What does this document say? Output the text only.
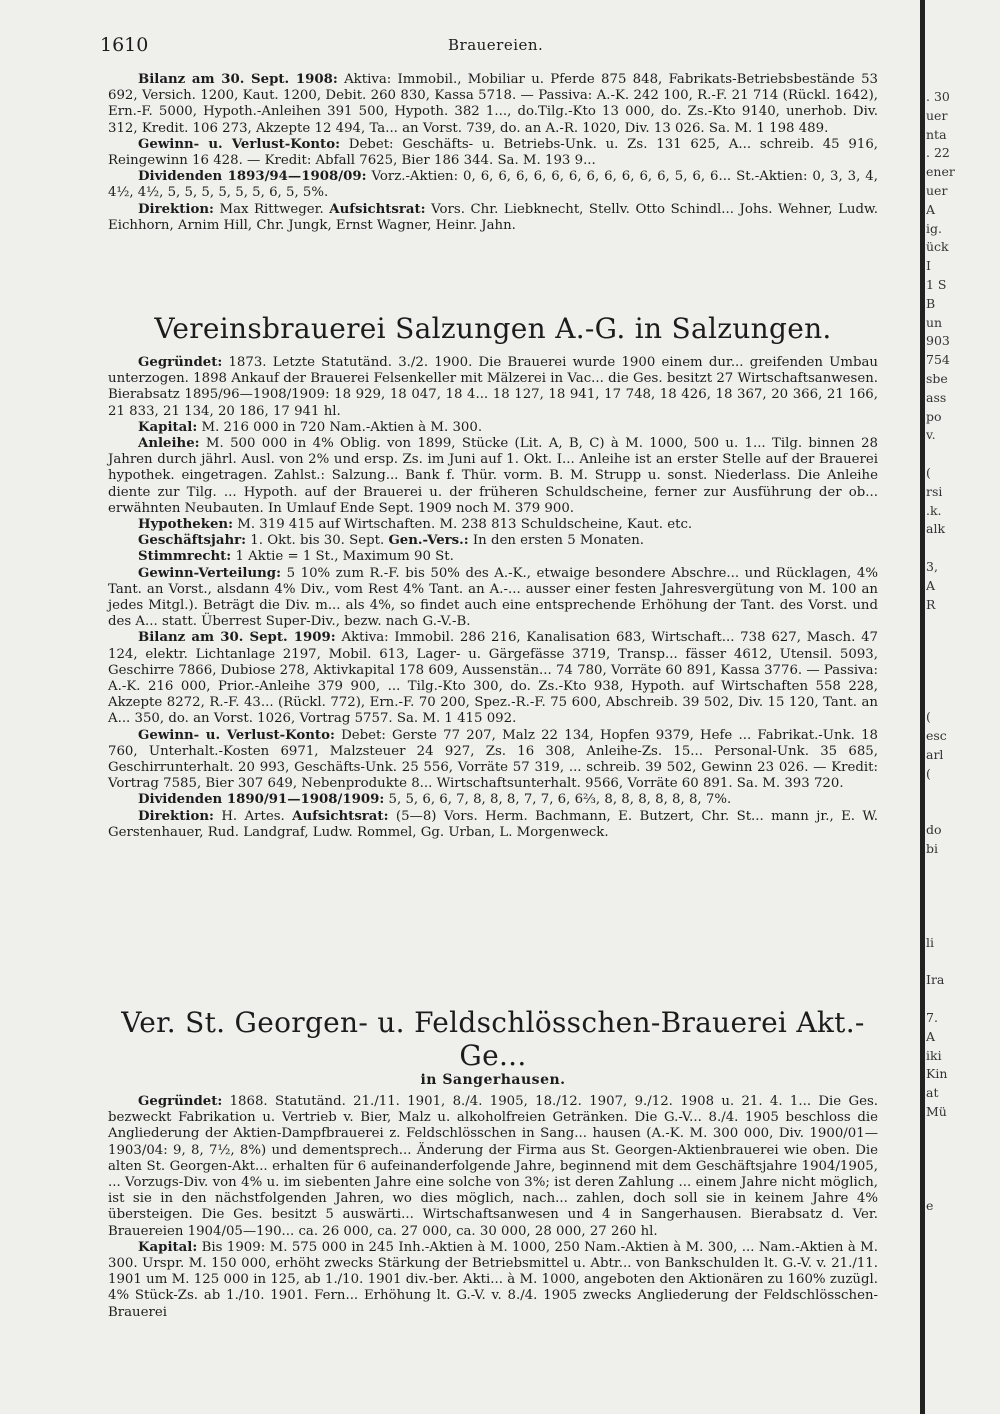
1610	Brauereien.

Bilanz am 30. Sept. 1908: Aktiva: Immobil., Mobiliar u. Pferde 875 848, Fabrikats-Betriebsbestände 53 692, Versich. 1200, Kaut. 1200, Debit. 260 830, Kassa 5718. — Passiva: A.-K. 242 100, R.-F. 21 714 (Rückl. 1642), Ern.-F. 5000, Hypoth.-Anleihen 391 500, Hypoth. 382 1..., do.Tilg.-Kto 13 000, do. Zs.-Kto 9140, unerhob. Div. 312, Kredit. 106 273, Akzepte 12 494, Ta... an Vorst. 739, do. an A.-R. 1020, Div. 13 026. Sa. M. 1 198 489.

Gewinn- u. Verlust-Konto: Debet: Geschäfts- u. Betriebs-Unk. u. Zs. 131 625, A... schreib. 45 916, Reingewinn 16 428. — Kredit: Abfall 7625, Bier 186 344. Sa. M. 193 9...

Dividenden 1893/94—1908/09: Vorz.-Aktien: 0, 6, 6, 6, 6, 6, 6, 6, 6, 6, 6, 6, 5, 6, 6... St.-Aktien: 0, 3, 3, 4, 4½, 4½, 5, 5, 5, 5, 5, 5, 6, 5, 5%.

Direktion: Max Rittweger. Aufsichtsrat: Vors. Chr. Liebknecht, Stellv. Otto Schindl... Johs. Wehner, Ludw. Eichhorn, Arnim Hill, Chr. Jungk, Ernst Wagner, Heinr. Jahn.

Vereinsbrauerei Salzungen A.-G. in Salzungen.

Gegründet: 1873. Letzte Statutänd. 3./2. 1900. Die Brauerei wurde 1900 einem dur... greifenden Umbau unterzogen. 1898 Ankauf der Brauerei Felsenkeller mit Mälzerei in Vac... die Ges. besitzt 27 Wirtschaftsanwesen. Bierabsatz 1895/96—1908/1909: 18 929, 18 047, 18 4... 18 127, 18 941, 17 748, 18 426, 18 367, 20 366, 21 166, 21 833, 21 134, 20 186, 17 941 hl.

Kapital: M. 216 000 in 720 Nam.-Aktien à M. 300.

Anleihe: M. 500 000 in 4% Oblig. von 1899, Stücke (Lit. A, B, C) à M. 1000, 500 u. 1... Tilg. binnen 28 Jahren durch jährl. Ausl. von 2% und ersp. Zs. im Juni auf 1. Okt. I... Anleihe ist an erster Stelle auf der Brauerei hypothek. eingetragen. Zahlst.: Salzung... Bank f. Thür. vorm. B. M. Strupp u. sonst. Niederlass. Die Anleihe diente zur Tilg. ... Hypoth. auf der Brauerei u. der früheren Schuldscheine, ferner zur Ausführung der ob... erwähnten Neubauten. In Umlauf Ende Sept. 1909 noch M. 379 900.

Hypotheken: M. 319 415 auf Wirtschaften. M. 238 813 Schuldscheine, Kaut. etc.

Geschäftsjahr: 1. Okt. bis 30. Sept. Gen.-Vers.: In den ersten 5 Monaten.

Stimmrecht: 1 Aktie = 1 St., Maximum 90 St.

Gewinn-Verteilung: 5 10% zum R.-F. bis 50% des A.-K., etwaige besondere Abschre... und Rücklagen, 4% Tant. an Vorst., alsdann 4% Div., vom Rest 4% Tant. an A.-... ausser einer festen Jahresvergütung von M. 100 an jedes Mitgl.). Beträgt die Div. m... als 4%, so findet auch eine entsprechende Erhöhung der Tant. des Vorst. und des A... statt. Überrest Super-Div., bezw. nach G.-V.-B.

Bilanz am 30. Sept. 1909: Aktiva: Immobil. 286 216, Kanalisation 683, Wirtschaft... 738 627, Masch. 47 124, elektr. Lichtanlage 2197, Mobil. 613, Lager- u. Gärgefässe 3719, Transp... fässer 4612, Utensil. 5093, Geschirre 7866, Dubiose 278, Aktivkapital 178 609, Aussenstän... 74 780, Vorräte 60 891, Kassa 3776. — Passiva: A.-K. 216 000, Prior.-Anleihe 379 900, ... Tilg.-Kto 300, do. Zs.-Kto 938, Hypoth. auf Wirtschaften 558 228, Akzepte 8272, R.-F. 43... (Rückl. 772), Ern.-F. 70 200, Spez.-R.-F. 75 600, Abschreib. 39 502, Div. 15 120, Tant. an A... 350, do. an Vorst. 1026, Vortrag 5757. Sa. M. 1 415 092.

Gewinn- u. Verlust-Konto: Debet: Gerste 77 207, Malz 22 134, Hopfen 9379, Hefe ... Fabrikat.-Unk. 18 760, Unterhalt.-Kosten 6971, Malzsteuer 24 927, Zs. 16 308, Anleihe-Zs. 15... Personal-Unk. 35 685, Geschirrunterhalt. 20 993, Geschäfts-Unk. 25 556, Vorräte 57 319, ... schreib. 39 502, Gewinn 23 026. — Kredit: Vortrag 7585, Bier 307 649, Nebenprodukte 8... Wirtschaftsunterhalt. 9566, Vorräte 60 891. Sa. M. 393 720.

Dividenden 1890/91—1908/1909: 5, 5, 6, 6, 7, 8, 8, 8, 7, 7, 6, 6⅔, 8, 8, 8, 8, 8, 8, 7%.

Direktion: H. Artes. Aufsichtsrat: (5—8) Vors. Herm. Bachmann, E. Butzert, Chr. St... mann jr., E. W. Gerstenhauer, Rud. Landgraf, Ludw. Rommel, Gg. Urban, L. Morgenweck.

Ver. St. Georgen- u. Feldschlösschen-Brauerei Akt.-Ge...
in Sangerhausen.

Gegründet: 1868. Statutänd. 21./11. 1901, 8./4. 1905, 18./12. 1907, 9./12. 1908 u. 21. 4. 1... Die Ges. bezweckt Fabrikation u. Vertrieb v. Bier, Malz u. alkoholfreien Getränken. Die G.-V... 8./4. 1905 beschloss die Angliederung der Aktien-Dampfbrauerei z. Feldschlösschen in Sang... hausen (A.-K. M. 300 000, Div. 1900/01—1903/04: 9, 8, 7½, 8%) und dementsprech... Änderung der Firma aus St. Georgen-Aktienbrauerei wie oben. Die alten St. Georgen-Akt... erhalten für 6 aufeinanderfolgende Jahre, beginnend mit dem Geschäftsjahre 1904/1905, ... Vorzugs-Div. von 4% u. im siebenten Jahre eine solche von 3%; ist deren Zahlung ... einem Jahre nicht möglich, ist sie in den nächstfolgenden Jahren, wo dies möglich, nach... zahlen, doch soll sie in keinem Jahre 4% übersteigen. Die Ges. besitzt 5 auswärti... Wirtschaftsanwesen und 4 in Sangerhausen. Bierabsatz d. Ver. Brauereien 1904/05—190... ca. 26 000, ca. 27 000, ca. 30 000, 28 000, 27 260 hl.

Kapital: Bis 1909: M. 575 000 in 245 Inh.-Aktien à M. 1000, 250 Nam.-Aktien à M. 300, ... Nam.-Aktien à M. 300. Urspr. M. 150 000, erhöht zwecks Stärkung der Betriebsmittel u. Abtr... von Bankschulden lt. G.-V. v. 21./11. 1901 um M. 125 000 in 125, ab 1./10. 1901 div.-ber. Akti... à M. 1000, angeboten den Aktionären zu 160% zuzügl. 4% Stück-Zs. ab 1./10. 1901. Fern... Erhöhung lt. G.-V. v. 8./4. 1905 zwecks Angliederung der Feldschlösschen-Brauerei

. 30
uer
nta
. 22
ener
uer
A
ig.
ück
I
1 S
B
un
903
754
sbe
ass
po
v.

(
rsi
.k.
alk

3,
A
R

(
esc
arl
(

do
bi

li

Ira

7.
A
iki
Kin
at
Mü

e
